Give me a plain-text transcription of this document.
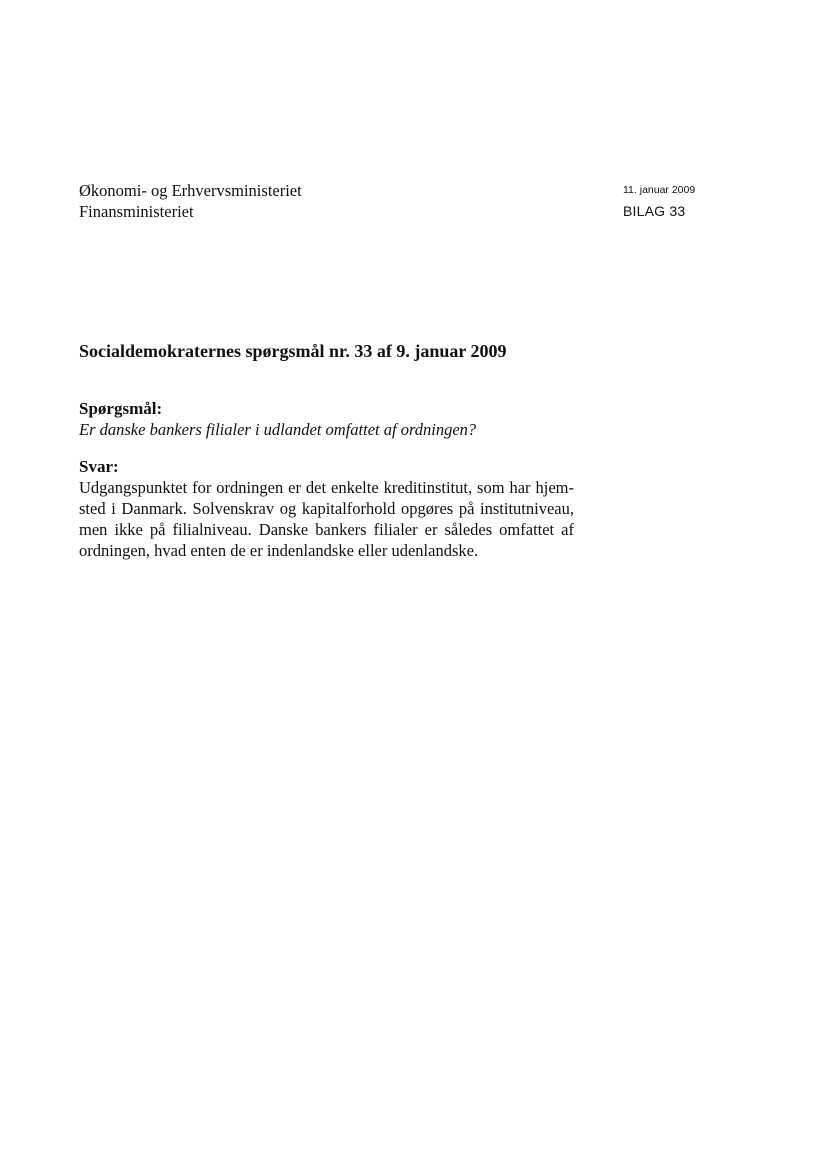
Økonomi- og Erhvervsministeriet
Finansministeriet
11. januar 2009
BILAG 33
Socialdemokraternes spørgsmål nr. 33 af 9. januar 2009
Spørgsmål:
Er danske bankers filialer i udlandet omfattet af ordningen?
Svar:
Udgangspunktet for ordningen er det enkelte kreditinstitut, som har hjemsted i Danmark. Solvenskrav og kapitalforhold opgøres på institutniveau, men ikke på filialniveau. Danske bankers filialer er således omfattet af ordningen, hvad enten de er indenlandske eller udenlandske.
